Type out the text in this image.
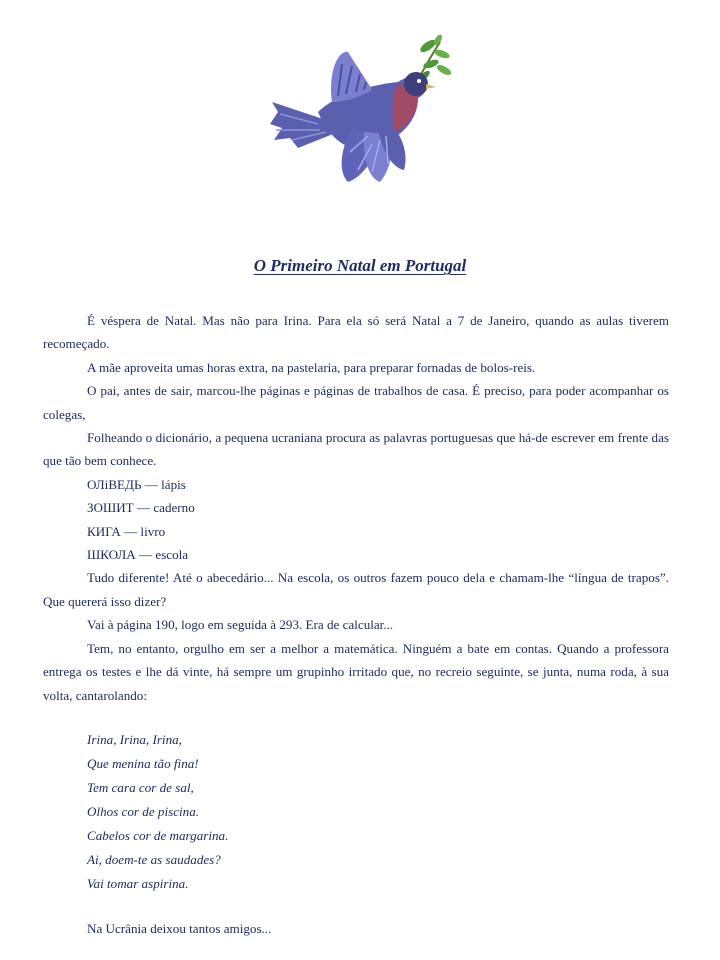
O Primeiro Natal em Portugal

É véspera de Natal. Mas não para Irina. Para ela só será Natal a 7 de Janeiro, quando as aulas tiverem recomeçado.

A mãe aproveita umas horas extra, na pastelaria, para preparar fornadas de bolos-reis.

O pai, antes de sair, marcou-lhe páginas e páginas de trabalhos de casa. É preciso, para poder acompanhar os colegas,

Folheando o dicionário, a pequena ucraniana procura as palavras portuguesas que há-de escrever em frente das que tão bem conhece.

ОЛіВЕДЬ — lápis

ЗОШИТ — caderno

КИГА — livro

ШКОЛА — escola

Tudo diferente! Até o abecedário... Na escola, os outros fazem pouco dela e chamam-lhe “língua de trapos”. Que quererá isso dizer?

Vai à página 190, logo em seguida à 293. Era de calcular...

Tem, no entanto, orgulho em ser a melhor a matemática. Ninguém a bate em contas. Quando a professora entrega os testes e lhe dá vinte, há sempre um grupinho irritado que, no recreio seguinte, se junta, numa roda, à sua volta, cantarolando:

Irina, Irina, Irina,
Que menina tão fina!
Tem cara cor de sal,
Olhos cor de piscina.
Cabelos cor de margarina.
Ai, doem-te as saudades?
Vai tomar aspirina.

Na Ucrânia deixou tantos amigos...
